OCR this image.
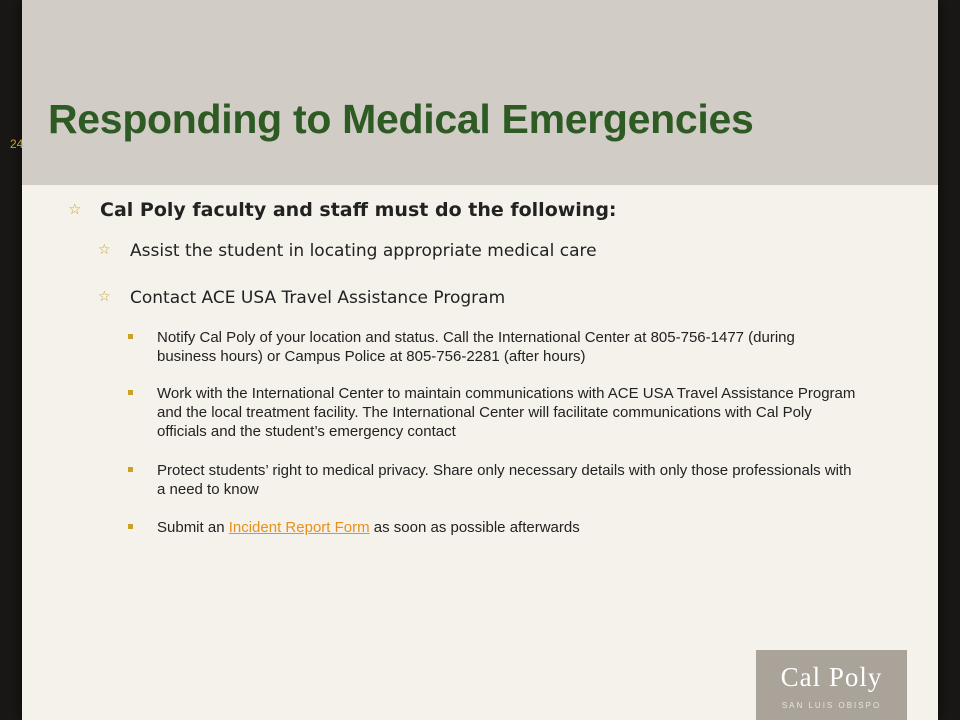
24
Responding to Medical Emergencies
☆ Cal Poly faculty and staff must do the following:
☆ Assist the student in locating appropriate medical care
☆ Contact ACE USA Travel Assistance Program
Notify Cal Poly of your location and status. Call the International Center at 805-756-1477 (during business hours) or Campus Police at 805-756-2281 (after hours)
Work with the International Center to maintain communications with ACE USA Travel Assistance Program and the local treatment facility. The International Center will facilitate communications with Cal Poly officials and the student’s emergency contact
Protect students’ right to medical privacy. Share only necessary details with only those professionals with a need to know
Submit an Incident Report Form as soon as possible afterwards
Cal Poly
SAN LUIS OBISPO
